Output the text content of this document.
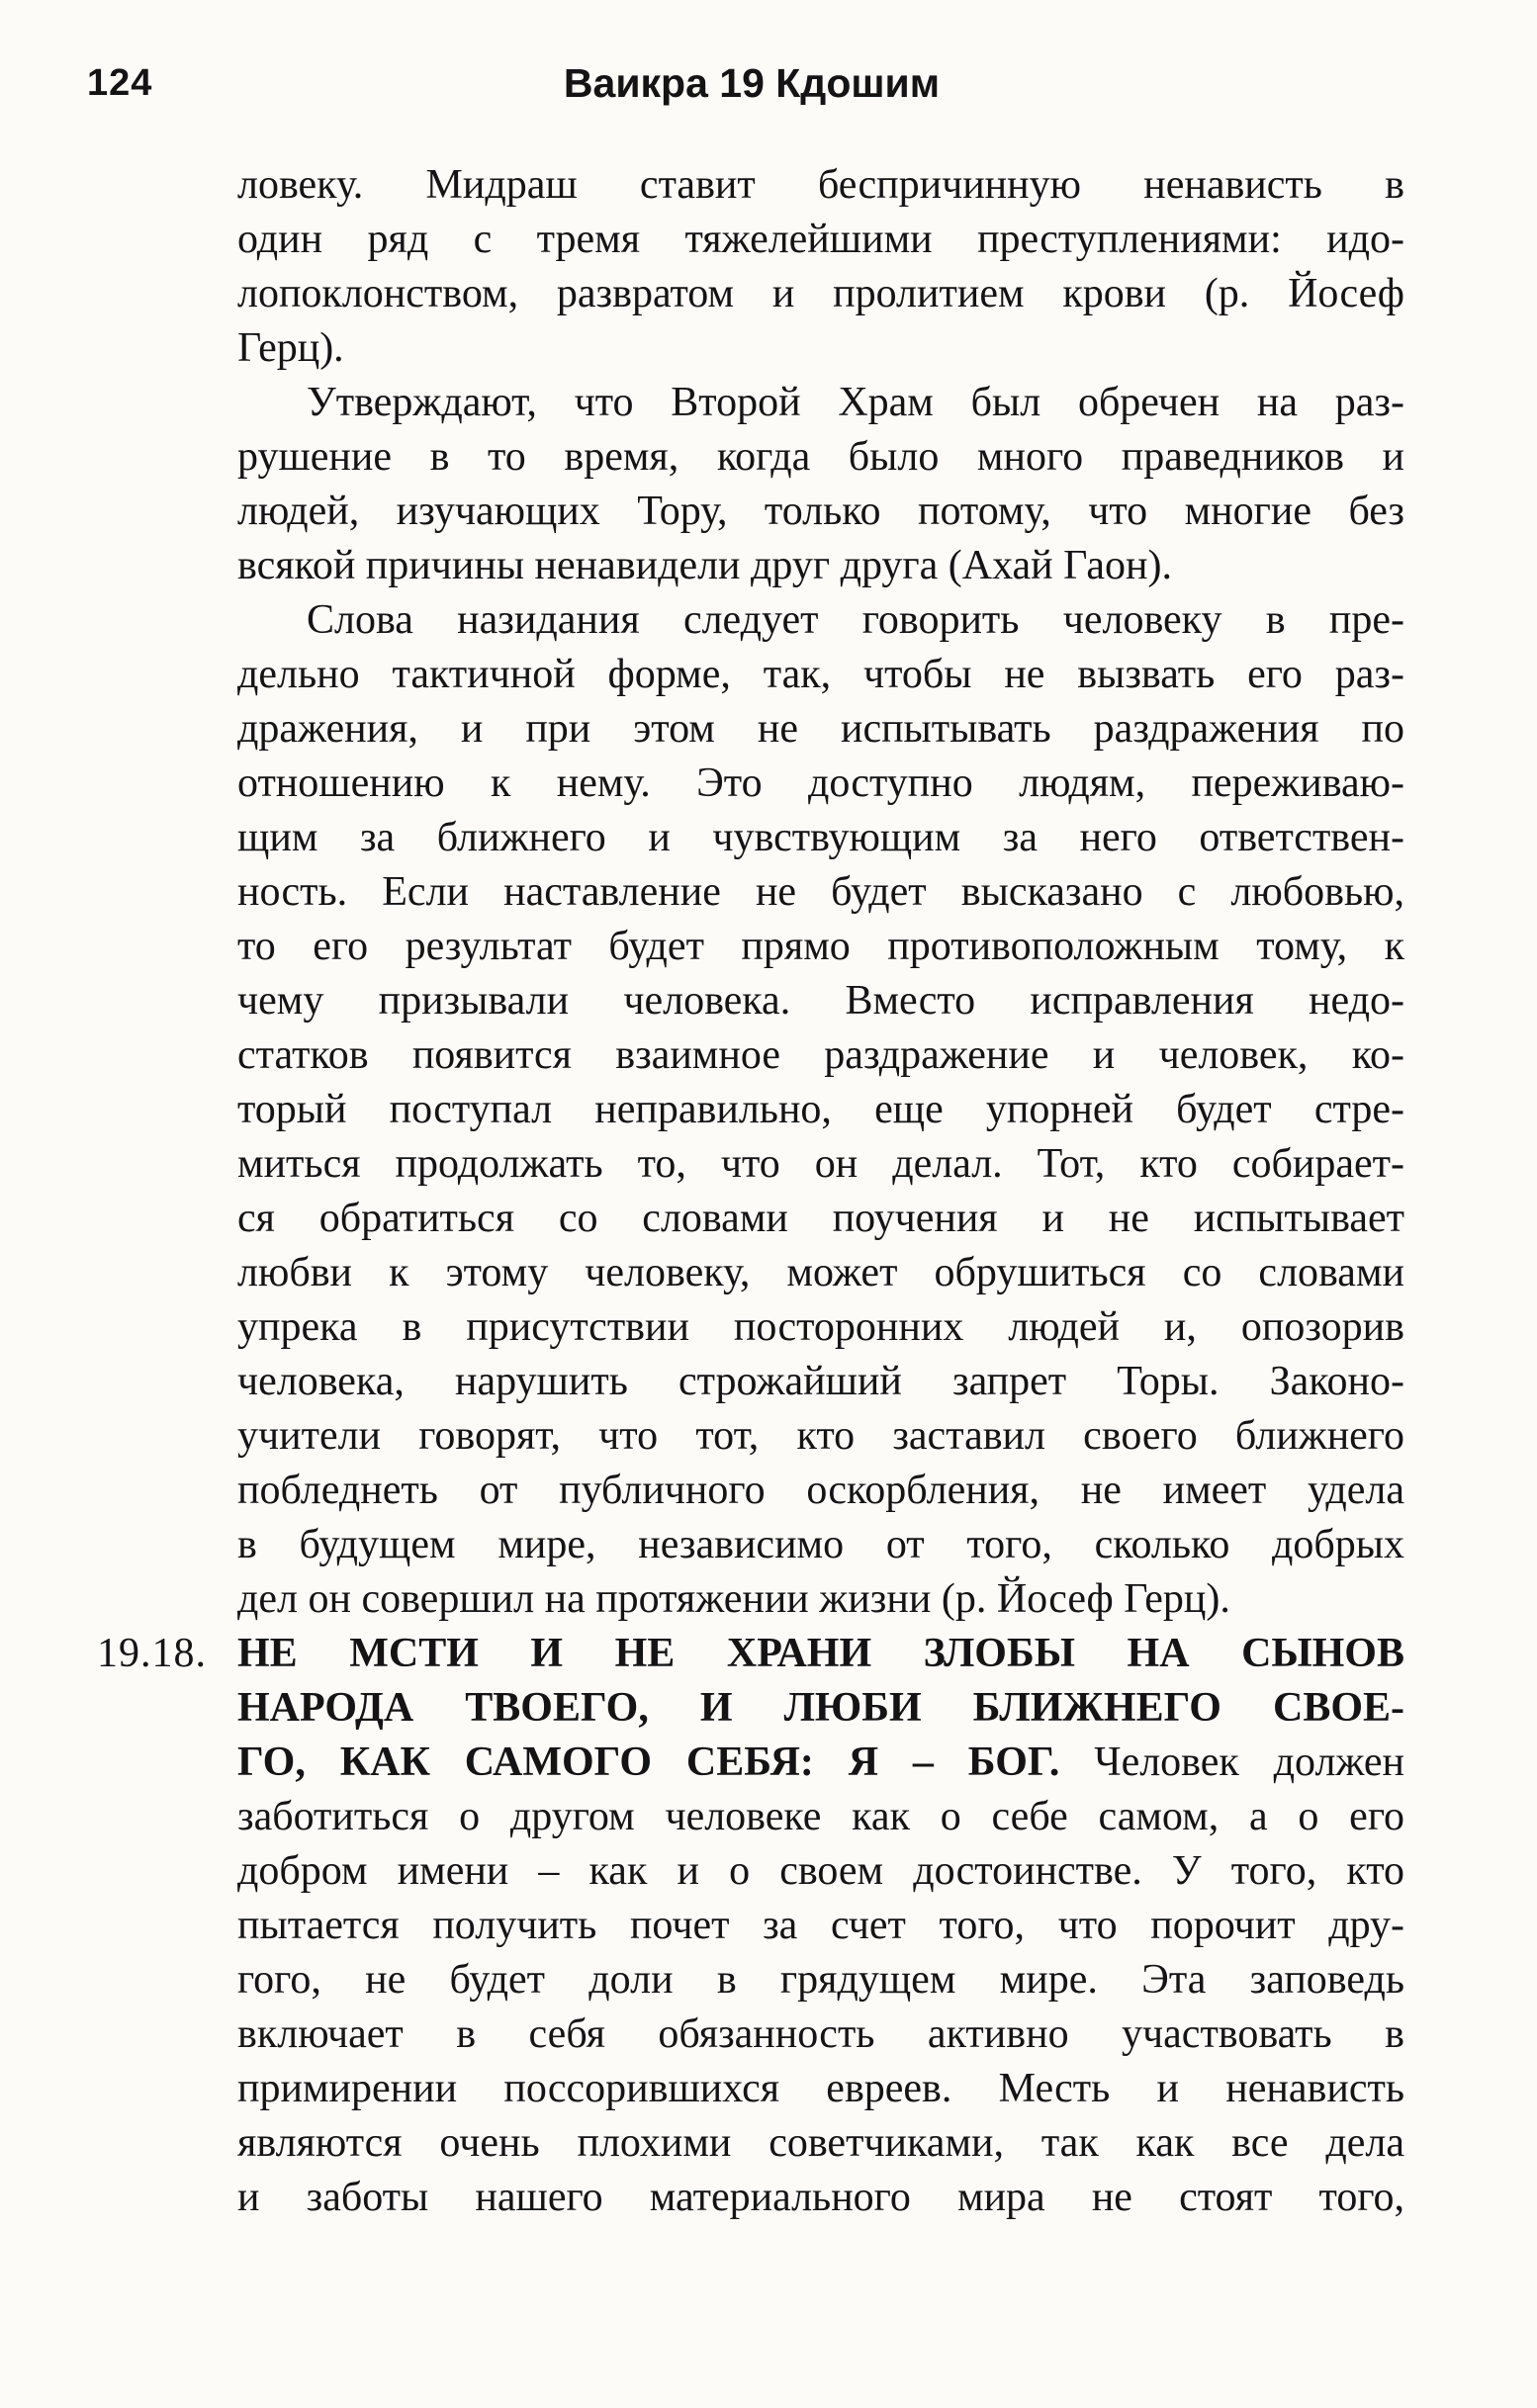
124	Ваикра 19 Кдошим
ловеку. Мидраш ставит беспричинную ненависть в
один ряд с тремя тяжелейшими преступлениями: идо-
лопоклонством, развратом и пролитием крови (р. Йосеф
Герц).
Утверждают, что Второй Храм был обречен на раз-
рушение в то время, когда было много праведников и
людей, изучающих Тору, только потому, что многие без
всякой причины ненавидели друг друга (Ахай Гаон).
Слова назидания следует говорить человеку в пре-
дельно тактичной форме, так, чтобы не вызвать его раз-
дражения, и при этом не испытывать раздражения по
отношению к нему. Это доступно людям, переживаю-
щим за ближнего и чувствующим за него ответствен-
ность. Если наставление не будет высказано с любовью,
то его результат будет прямо противоположным тому, к
чему призывали человека. Вместо исправления недо-
статков появится взаимное раздражение и человек, ко-
торый поступал неправильно, еще упорней будет стре-
миться продолжать то, что он делал. Тот, кто собирает-
ся обратиться со словами поучения и не испытывает
любви к этому человеку, может обрушиться со словами
упрека в присутствии посторонних людей и, опозорив
человека, нарушить строжайший запрет Торы. Законо-
учители говорят, что тот, кто заставил своего ближнего
побледнеть от публичного оскорбления, не имеет удела
в будущем мире, независимо от того, сколько добрых
дел он совершил на протяжении жизни (р. Йосеф Герц).
19.18. НЕ МСТИ И НЕ ХРАНИ ЗЛОБЫ НА СЫНОВ
НАРОДА ТВОЕГО, И ЛЮБИ БЛИЖНЕГО СВОЕ-
ГО, КАК САМОГО СЕБЯ: Я – БОГ. Человек должен
заботиться о другом человеке как о себе самом, а о его
добром имени – как и о своем достоинстве. У того, кто
пытается получить почет за счет того, что порочит дру-
гого, не будет доли в грядущем мире. Эта заповедь
включает в себя обязанность активно участвовать в
примирении поссорившихся евреев. Месть и ненависть
являются очень плохими советчиками, так как все дела
и заботы нашего материального мира не стоят того,
